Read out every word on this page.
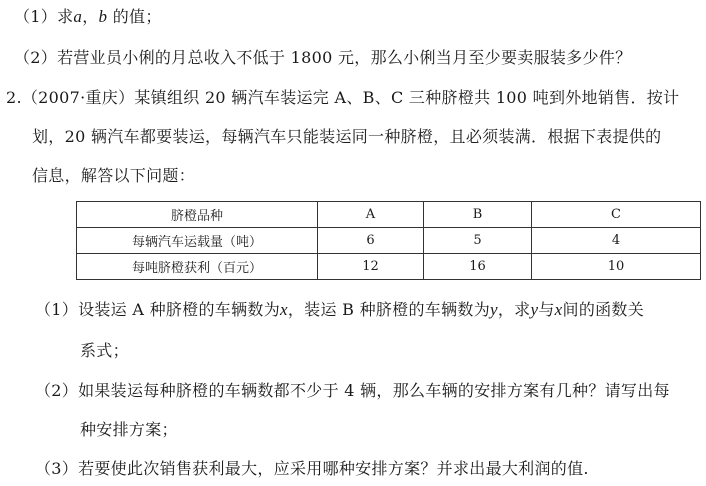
（1）求a，b 的值；
（2）若营业员小俐的月总收入不低于 1800 元，那么小俐当月至少要卖服装多少件？
2.（2007·重庆）某镇组织 20 辆汽车装运完 A、B、C 三种脐橙共 100 吨到外地销售．按计
划，20 辆汽车都要装运，每辆汽车只能装运同一种脐橙，且必须装满．根据下表提供的
信息，解答以下问题：
脐橙品种	A	B	C
每辆汽车运载量（吨）	6	5	4
每吨脐橙获利（百元）	12	16	10
（1）设装运 A 种脐橙的车辆数为x，装运 B 种脐橙的车辆数为y，求y与x间的函数关
系式；
（2）如果装运每种脐橙的车辆数都不少于 4 辆，那么车辆的安排方案有几种？请写出每
种安排方案；
（3）若要使此次销售获利最大，应采用哪种安排方案？并求出最大利润的值.
